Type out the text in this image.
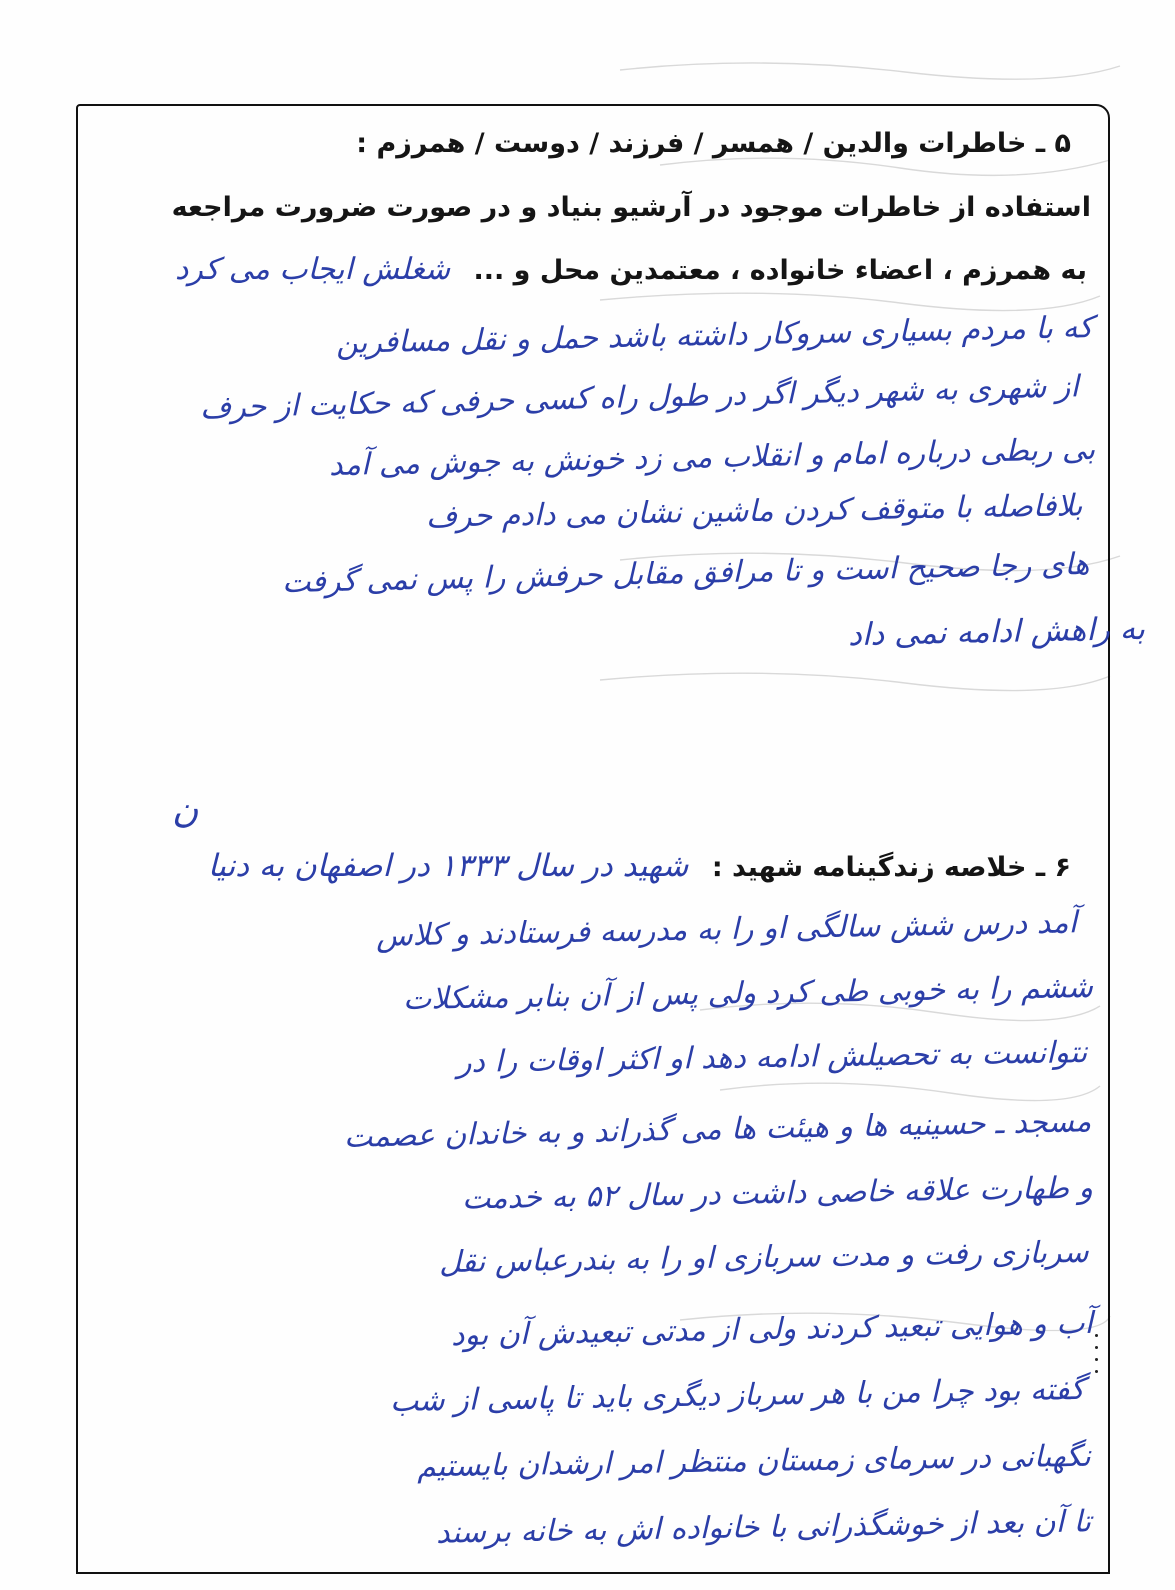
۵ ـ خاطرات والدین / همسر / فرزند / دوست / همرزم :
استفاده از خاطرات موجود در آرشیو بنیاد و در صورت ضرورت مراجعه
به همرزم ، اعضاء خانواده ، معتمدین محل و ... شغلش ایجاب می کرد
که با مردم بسیاری سروکار داشته باشد حمل و نقل مسافرین
از شهری به شهر دیگر اگر در طول راه کسی حرفی که حکایت از حرف
بی ربطی درباره امام و انقلاب می زد خونش به جوش می آمد
بلافاصله با متوقف کردن ماشین نشان می دادم حرف
های رجا صحیح است و تا مرافق مقابل حرفش را پس نمی گرفت
به راهش ادامه نمی داد
ن
۶ ـ خلاصه زندگینامه شهید : شهید در سال ۱۳۳۳ در اصفهان به دنیا
آمد درس شش سالگی او را به مدرسه فرستادند و کلاس
ششم را به خوبی طی کرد ولی پس از آن بنابر مشکلات
نتوانست به تحصیلش ادامه دهد او اکثر اوقات را در
مسجد ـ حسینیه ها و هیئت ها می گذراند و به خاندان عصمت
و طهارت علاقه خاصی داشت در سال ۵۲ به خدمت
سربازی رفت و مدت سربازی او را به بندرعباس نقل
آب و هوایی تبعید کردند ولی از مدتی تبعیدش آن بود
گفته بود چرا من با هر سرباز دیگری باید تا پاسی از شب
نگهبانی در سرمای زمستان منتظر امر ارشدان بایستیم
تا آن بعد از خوشگذرانی با خانواده اش به خانه برسند
